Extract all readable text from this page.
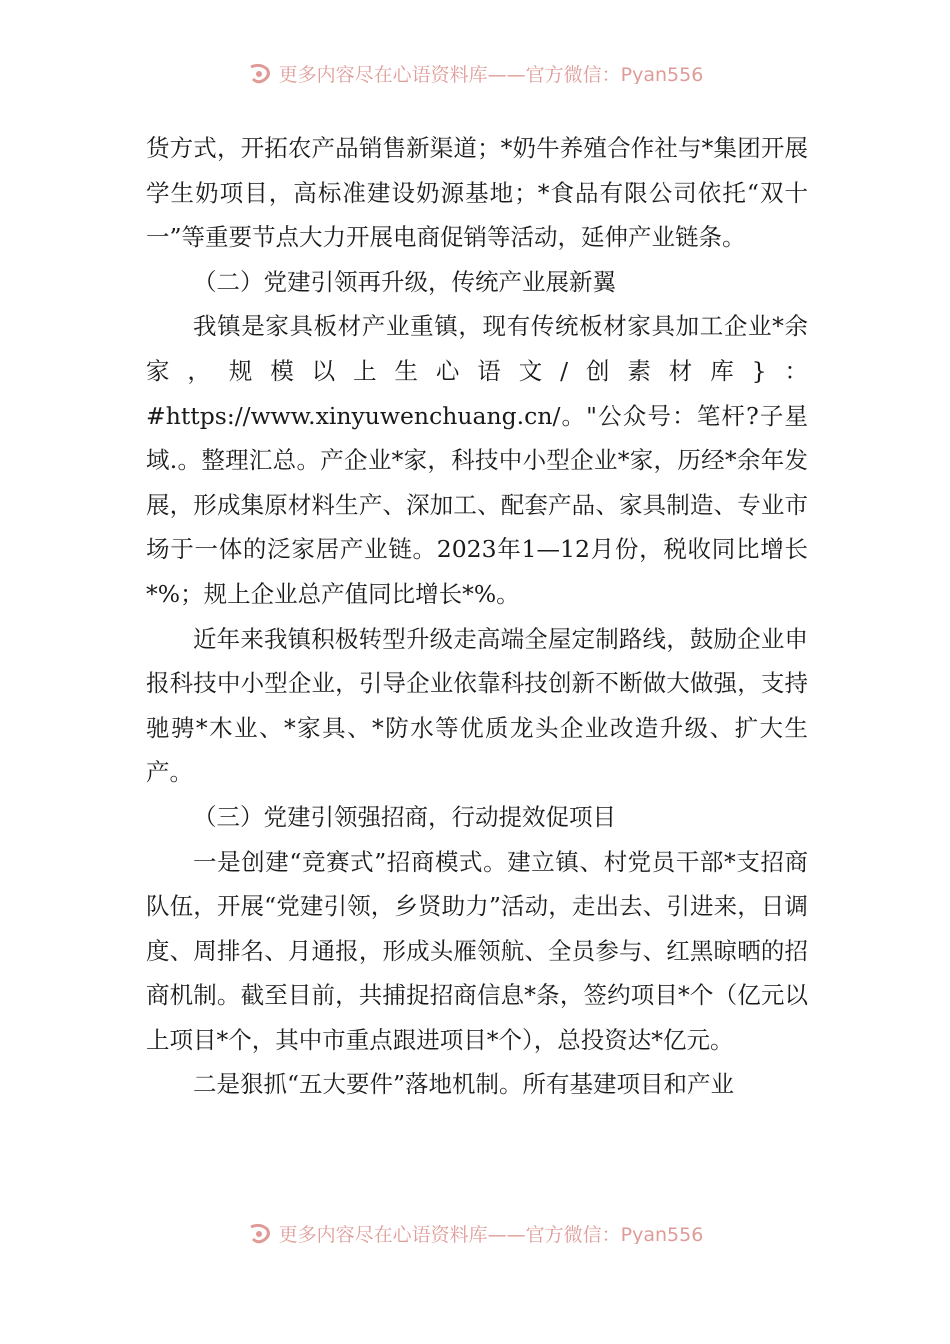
更多内容尽在心语资料库——官方微信：Pyan556

货方式，开拓农产品销售新渠道；*奶牛养殖合作社与*集团开展学生奶项目，高标准建设奶源基地；*食品有限公司依托“双十一”等重要节点大力开展电商促销等活动，延伸产业链条。

（二）党建引领再升级，传统产业展新翼

我镇是家具板材产业重镇，现有传统板材家具加工企业*余家，规模以上生心语文/创素材库}：#https://www.xinyuwenchuang.cn/。"公众号：笔杆?子星域.。整理汇总。产企业*家，科技中小型企业*家，历经*余年发展，形成集原材料生产、深加工、配套产品、家具制造、专业市场于一体的泛家居产业链。2023年1—12月份，税收同比增长*%；规上企业总产值同比增长*%。

近年来我镇积极转型升级走高端全屋定制路线，鼓励企业申报科技中小型企业，引导企业依靠科技创新不断做大做强，支持驰骋*木业、*家具、*防水等优质龙头企业改造升级、扩大生产。

（三）党建引领强招商，行动提效促项目

一是创建“竞赛式”招商模式。建立镇、村党员干部*支招商队伍，开展“党建引领，乡贤助力”活动，走出去、引进来，日调度、周排名、月通报，形成头雁领航、全员参与、红黑晾晒的招商机制。截至目前，共捕捉招商信息*条，签约项目*个（亿元以上项目*个，其中市重点跟进项目*个），总投资达*亿元。

二是狠抓“五大要件”落地机制。所有基建项目和产业

更多内容尽在心语资料库——官方微信：Pyan556
